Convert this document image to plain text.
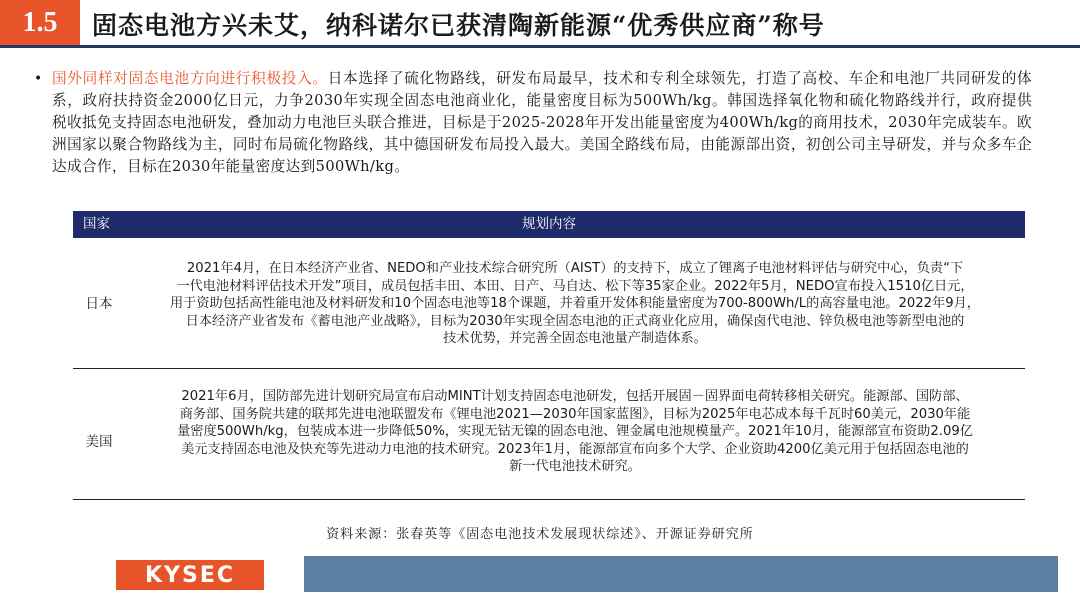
1.5	固态电池方兴未艾，纳科诺尔已获清陶新能源“优秀供应商”称号
• 国外同样对固态电池方向进行积极投入。日本选择了硫化物路线，研发布局最早，技术和专利全球领先，打造了高校、车企和电池厂共同研发的体系，政府扶持资金2000亿日元，力争2030年实现全固态电池商业化，能量密度目标为500Wh/kg。韩国选择氧化物和硫化物路线并行，政府提供税收抵免支持固态电池研发，叠加动力电池巨头联合推进，目标是于2025-2028年开发出能量密度为400Wh/kg的商用技术，2030年完成装车。欧洲国家以聚合物路线为主，同时布局硫化物路线，其中德国研发布局投入最大。美国全路线布局，由能源部出资，初创公司主导研发，并与众多车企达成合作，目标在2030年能量密度达到500Wh/kg。
规划内容
国家
日本
2021年4月，在日本经济产业省、NEDO和产业技术综合研究所（AIST）的支持下，成立了锂离子电池材料评估与研究中心，负责“下
一代电池材料评估技术开发”项目，成员包括丰田、本田、日产、马自达、松下等35家企业。2022年5月，NEDO宣布投入1510亿日元，
用于资助包括高性能电池及材料研发和10个固态电池等18个课题，并着重开发体积能量密度为700-800Wh/L的高容量电池。2022年9月，
日本经济产业省发布《蓄电池产业战略》，目标为2030年实现全固态电池的正式商业化应用，确保卤代电池、锌负极电池等新型电池的
技术优势，并完善全固态电池量产制造体系。
美国
2021年6月，国防部先进计划研究局宣布启动MINT计划支持固态电池研发，包括开展固－固界面电荷转移相关研究。能源部、国防部、
商务部、国务院共建的联邦先进电池联盟发布《锂电池2021—2030年国家蓝图》，目标为2025年电芯成本每千瓦时60美元，2030年能
量密度500Wh/kg，包装成本进一步降低50%，实现无钴无镍的固态电池、锂金属电池规模量产。2021年10月，能源部宣布资助2.09亿
美元支持固态电池及快充等先进动力电池的技术研究。2023年1月，能源部宣布向多个大学、企业资助4200亿美元用于包括固态电池的
新一代电池技术研究。
资料来源：张春英等《固态电池技术发展现状综述》、开源证券研究所
KYSEC
